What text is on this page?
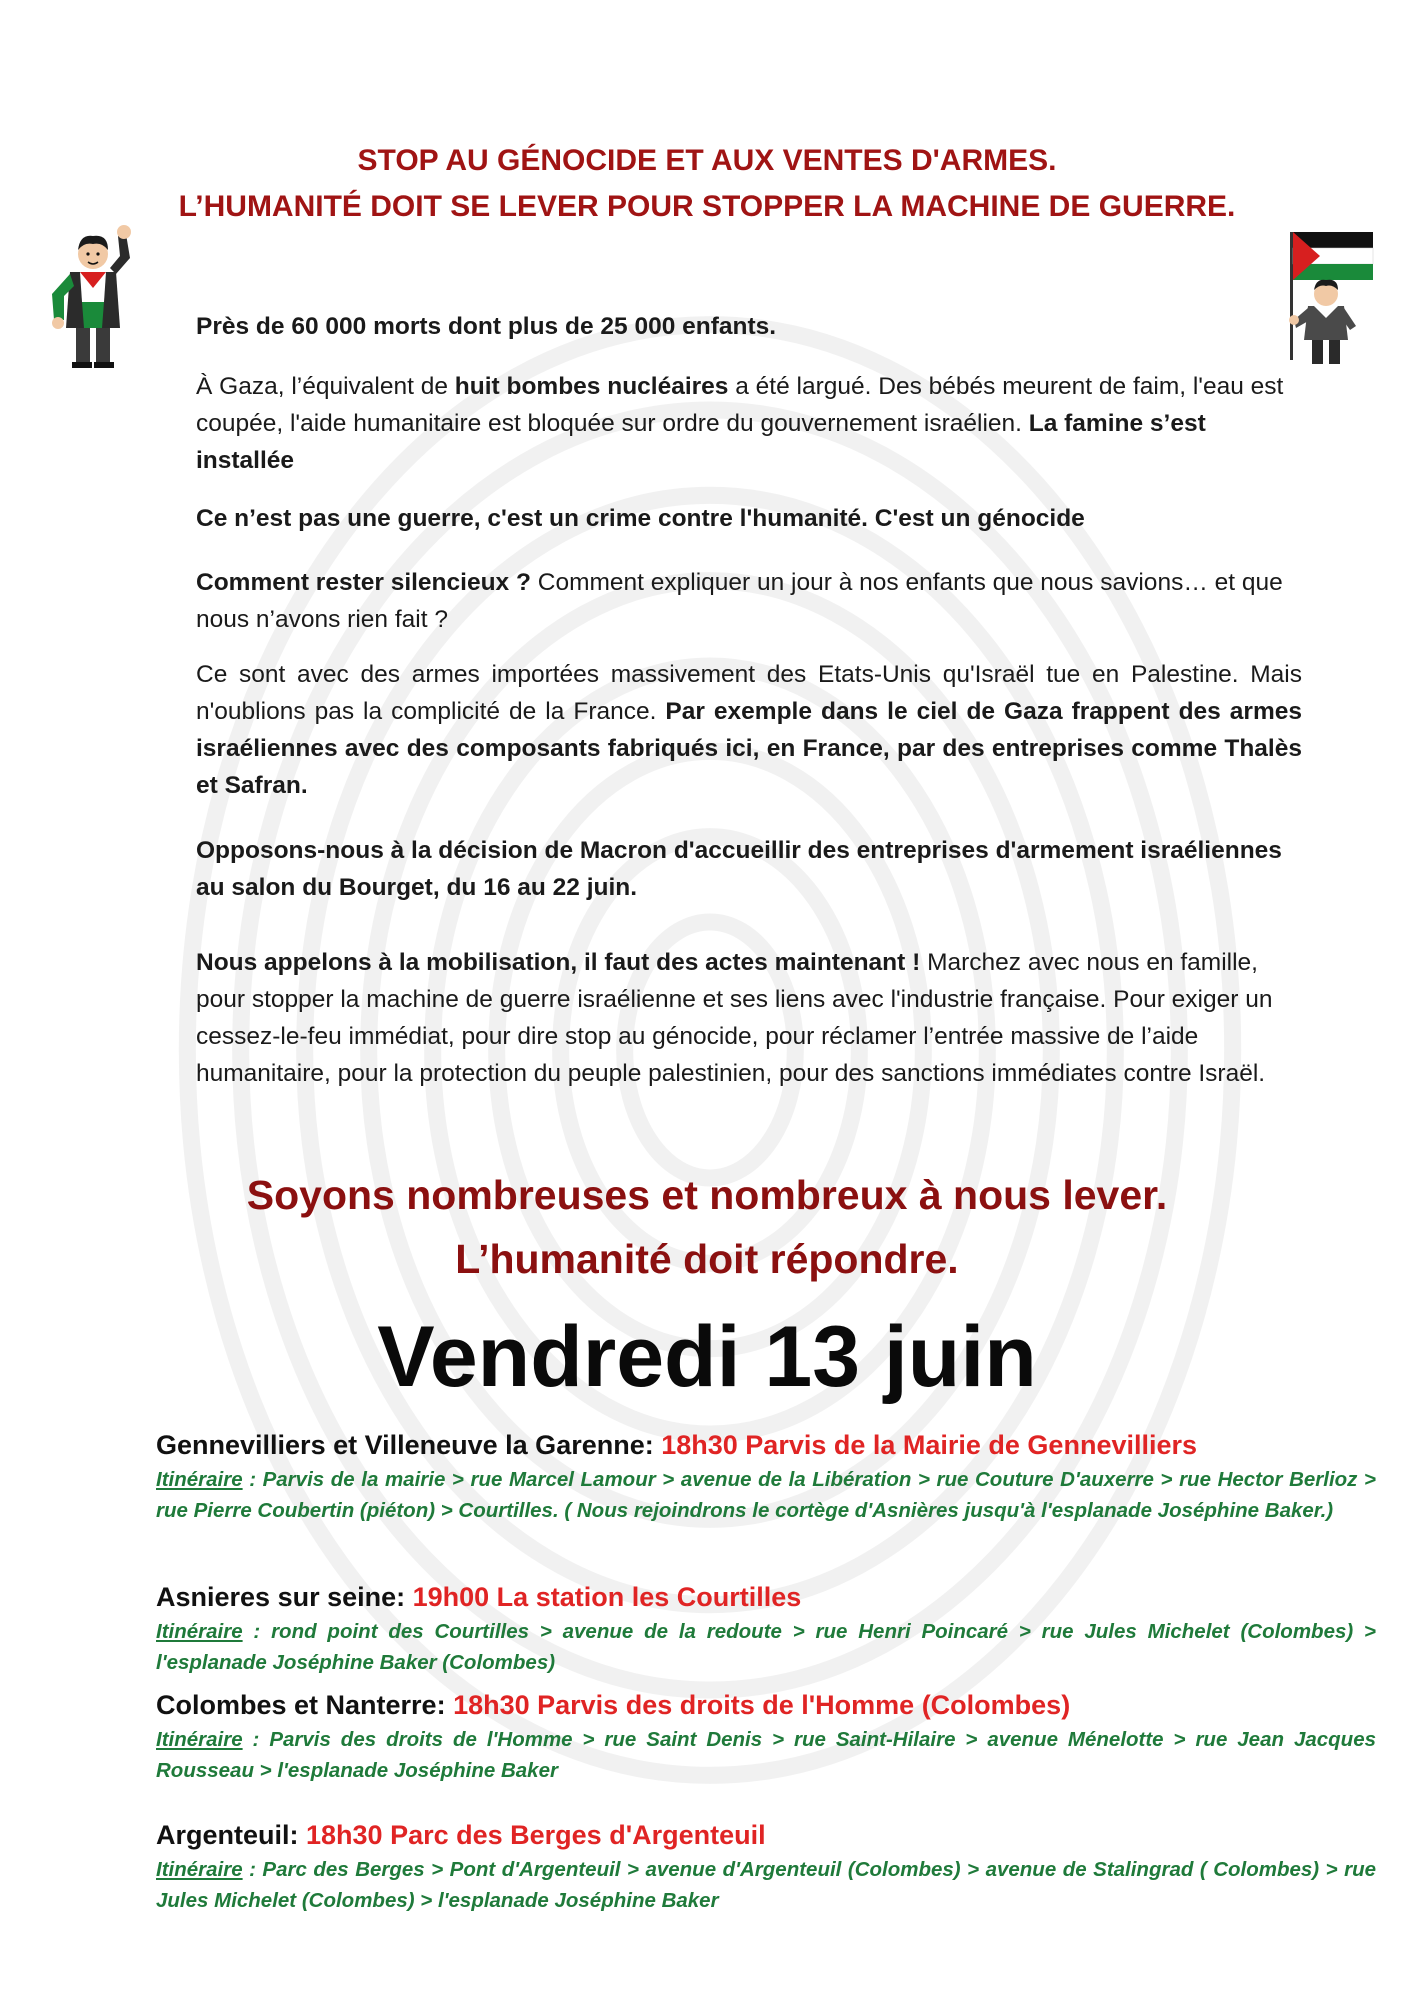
STOP AU GÉNOCIDE ET AUX VENTES D'ARMES.
L’HUMANITÉ DOIT SE LEVER POUR STOPPER LA MACHINE DE GUERRE.

Près de 60 000 morts dont plus de 25 000 enfants.

À Gaza, l’équivalent de huit bombes nucléaires a été largué. Des bébés meurent de faim, l'eau est coupée, l'aide humanitaire est bloquée sur ordre du gouvernement israélien. La famine s’est installée

Ce n’est pas une guerre, c'est un crime contre l'humanité. C'est un génocide

Comment rester silencieux ? Comment expliquer un jour à nos enfants que nous savions… et que nous n’avons rien fait ?

Ce sont avec des armes importées massivement des Etats-Unis qu'Israël tue en Palestine. Mais n'oublions pas la complicité de la France. Par exemple dans le ciel de Gaza frappent des armes israéliennes avec des composants fabriqués ici, en France, par des entreprises comme Thalès et Safran.

Opposons-nous à la décision de Macron d'accueillir des entreprises d'armement israéliennes au salon du Bourget, du 16 au 22 juin.

Nous appelons à la mobilisation, il faut des actes maintenant ! Marchez avec nous en famille, pour stopper la machine de guerre israélienne et ses liens avec l'industrie française. Pour exiger un cessez-le-feu immédiat, pour dire stop au génocide, pour réclamer l’entrée massive de l’aide humanitaire, pour la protection du peuple palestinien, pour des sanctions immédiates contre Israël.

Soyons nombreuses et nombreux à nous lever.
L’humanité doit répondre.
Vendredi 13 juin
Gennevilliers et Villeneuve la Garenne: 18h30 Parvis de la Mairie de Gennevilliers
Itinéraire : Parvis de la mairie > rue Marcel Lamour > avenue de la Libération > rue Couture D'auxerre > rue Hector Berlioz > rue Pierre Coubertin (piéton) > Courtilles. ( Nous rejoindrons le cortège d'Asnières jusqu'à l'esplanade Joséphine Baker.)
Asnieres sur seine: 19h00 La station les Courtilles
Itinéraire : rond point des Courtilles > avenue de la redoute > rue Henri Poincaré > rue Jules Michelet (Colombes) > l'esplanade Joséphine Baker (Colombes)
Colombes et Nanterre: 18h30 Parvis des droits de l'Homme (Colombes)
Itinéraire : Parvis des droits de l'Homme > rue Saint Denis > rue Saint-Hilaire > avenue Ménelotte > rue Jean Jacques Rousseau > l'esplanade Joséphine Baker
Argenteuil: 18h30 Parc des Berges d'Argenteuil
Itinéraire : Parc des Berges > Pont d'Argenteuil > avenue d'Argenteuil (Colombes) > avenue de Stalingrad ( Colombes) > rue Jules Michelet (Colombes) > l'esplanade Joséphine Baker
